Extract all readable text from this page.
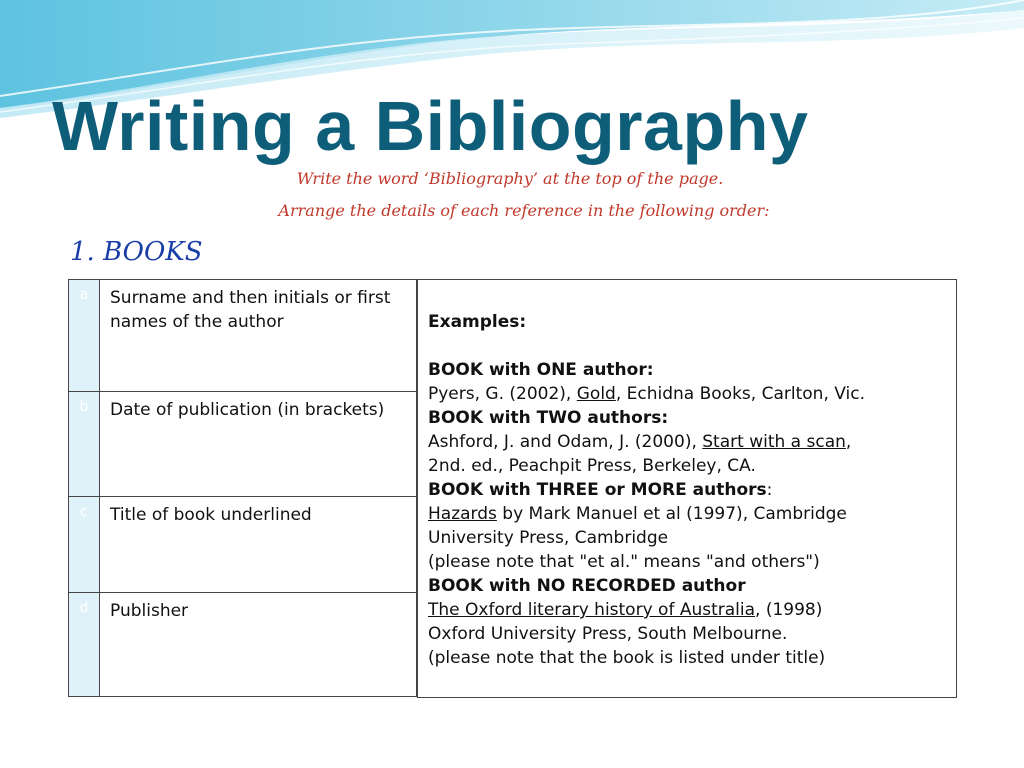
Writing a Bibliography
Write the word ‘Bibliography’ at the top of the page.
Arrange the details of each reference in the following order:
1. BOOKS
a	Surname and then initials or first names of the author
b	Date of publication (in brackets)
c	Title of book underlined
d	Publisher
Examples:
BOOK with ONE author:
Pyers, G. (2002), Gold, Echidna Books, Carlton, Vic.
BOOK with TWO authors:
Ashford, J. and Odam, J. (2000), Start with a scan,
2nd. ed., Peachpit Press, Berkeley, CA.
BOOK with THREE or MORE authors:
Hazards by Mark Manuel et al (1997), Cambridge
University Press, Cambridge
(please note that "et al." means "and others")
BOOK with NO RECORDED author
The Oxford literary history of Australia, (1998)
Oxford University Press, South Melbourne.
(please note that the book is listed under title)
